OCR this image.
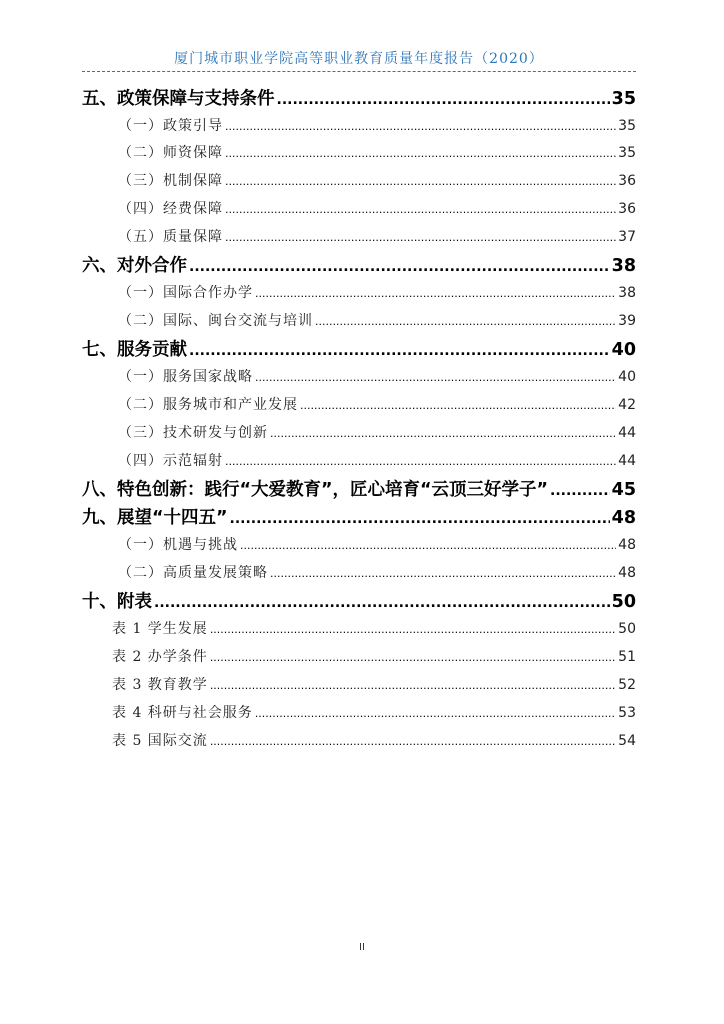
厦门城市职业学院高等职业教育质量年度报告（2020）
五、政策保障与支持条件 .....	35
（一）政策引导 .....	35
（二）师资保障 .....	35
（三）机制保障 .....	36
（四）经费保障 .....	36
（五）质量保障 .....	37
六、对外合作 .....	38
（一）国际合作办学 .....	38
（二）国际、闽台交流与培训 .....	39
七、服务贡献 .....	40
（一）服务国家战略 .....	40
（二）服务城市和产业发展 .....	42
（三）技术研发与创新 .....	44
（四）示范辐射 .....	44
八、特色创新：践行“大爱教育”，匠心培育“云顶三好学子” .....	45
九、展望“十四五” .....	48
（一）机遇与挑战 .....	48
（二）高质量发展策略 .....	48
十、附表 .....	50
表 1 学生发展 .....	50
表 2 办学条件 .....	51
表 3 教育教学 .....	52
表 4 科研与社会服务 .....	53
表 5 国际交流 .....	54
II
